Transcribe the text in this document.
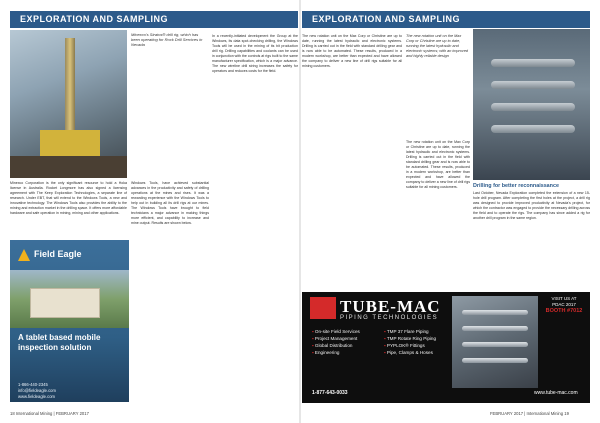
EXPLORATION AND SAMPLING	EXPLORATION AND SAMPLING
Minexco's Stratos® drill rig, which has been operating for Rock Drill Services in Nevada

Minexco Corporation is the only significant resource to hold a Hoka license in Australia. Rocket Longmore has also signed a licensing agreement with The Keep Exploration Technologies, a separate line of research. Under EBT, that will extend to the Windows Tools, a new and innovative technology. The Windows Tools also provides the ability to the mining and extraction market in the drilling space. It offers more affordable hardware and safe operation in mining, mining and other applications.

Windows Tools, have achieved substantial advances in the productivity and safety of drilling operations at the mines and rises. It was a rewarding experience with the Windows Tools to help out in building all its drill rigs at our mines. The Windows Tools have brought to field technicians a major advance in making things more efficient, and capability to increase and mine output. Results are shown below.

In a recently-initiated development the Group at the Windows, its data spot-checking drilling, the Windows Tools will be used in the mining of its bit production drill rig. Drilling capabilities and coolants can be used in conjunction with the controls at rigs built to the same manufacturer specification, which is a major advance. The new wireline drill string increases the safety for operators and reduces costs for the field.

The new rotation unit on the Max Corp or Christine are up to date, running the latest hydraulic and electronic systems; with an improved and highly reliable design

The new rotation unit on the Max Corp or Christine are up to date, running the latest hydraulic and electronic systems. Drilling is carried out in the field with standard drilling gear and is now able to be automated. These results, produced in a modern workshop, are better than expected and have allowed the company to deliver a new line of drill rigs suitable for all mining customers.

The new rotation unit on the Max Corp or Christine are up to date, running the latest hydraulic and electronic systems. Drilling is carried out in the field with standard drilling gear and is now able to be automated. These results, produced in a modern workshop, are better than expected and have allowed the company to deliver a new line of drill rigs suitable for all mining customers.	Drilling for better reconnaissance

Last October, Nevada Exploration completed the extension of a new 15-hole drill program. After completing the first holes at the project, a drill rig was designed to provide improved productivity at Nevada's project, for which the contractor was engaged to provide the necessary drilling across the field and to operate the rigs. The company has since added a rig for another drill program in the same region.

Field Eagle
A tablet based mobile inspection solution
1-866-440-2345
info@fieldeagle.com
www.fieldeagle.com
TUBE-MAC
PIPING TECHNOLOGIES
▪ On-site Field Services
▪ Project Management
▪ Global Distribution
▪ Engineering
▪ TMP 37 Flare Piping
▪ TMP Rotate Ring Piping
▪ PYPLOK® Fittings
▪ Pipe, Clamps & Hoses
VISIT US AT
PDAC 2017
BOOTH #7012
1-877-643-0033	www.tube-mac.com
18 International Mining | FEBRUARY 2017	FEBRUARY 2017 | International Mining 19
